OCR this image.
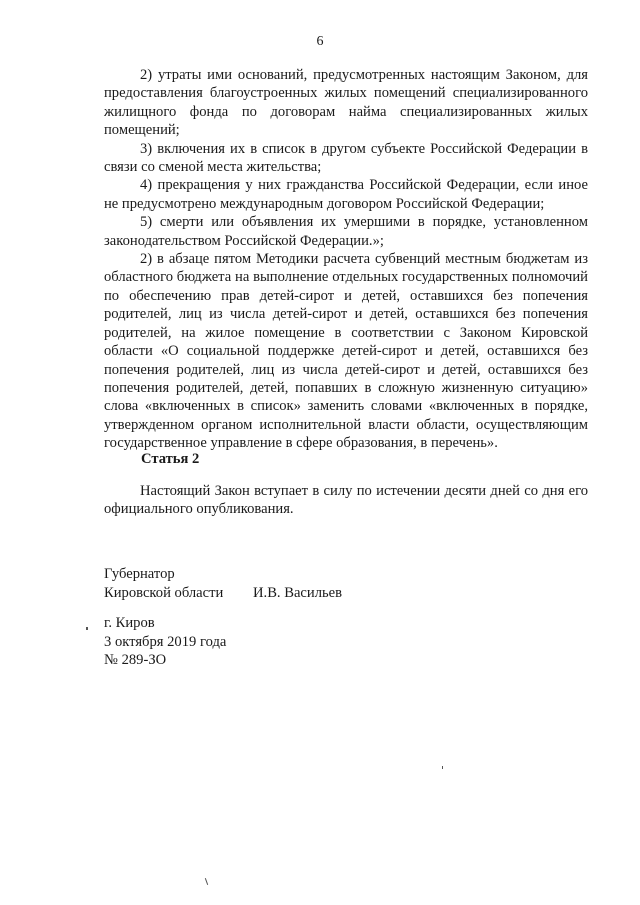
6

2) утраты ими оснований, предусмотренных настоящим Законом, для предоставления благоустроенных жилых помещений специализированного жилищного фонда по договорам найма специализированных жилых помещений;

3) включения их в список в другом субъекте Российской Федерации в связи со сменой места жительства;

4) прекращения у них гражданства Российской Федерации, если иное не предусмотрено международным договором Российской Федерации;

5) смерти или объявления их умершими в порядке, установленном законодательством Российской Федерации.»;

2) в абзаце пятом Методики расчета субвенций местным бюджетам из областного бюджета на выполнение отдельных государственных полномочий по обеспечению прав детей-сирот и детей, оставшихся без попечения родителей, лиц из числа детей-сирот и детей, оставшихся без попечения родителей, на жилое помещение в соответствии с Законом Кировской области «О социальной поддержке детей-сирот и детей, оставшихся без попечения родителей, лиц из числа детей-сирот и детей, оставшихся без попечения родителей, детей, попавших в сложную жизненную ситуацию» слова «включенных в список» заменить словами «включенных в порядке, утвержденном органом исполнительной власти области, осуществляющим государственное управление в сфере образования, в перечень».

Статья 2

Настоящий Закон вступает в силу по истечении десяти дней со дня его официального опубликования.

Губернатор
Кировской области И.В. Васильев
г. Киров
3 октября 2019 года
№ 289-ЗО
